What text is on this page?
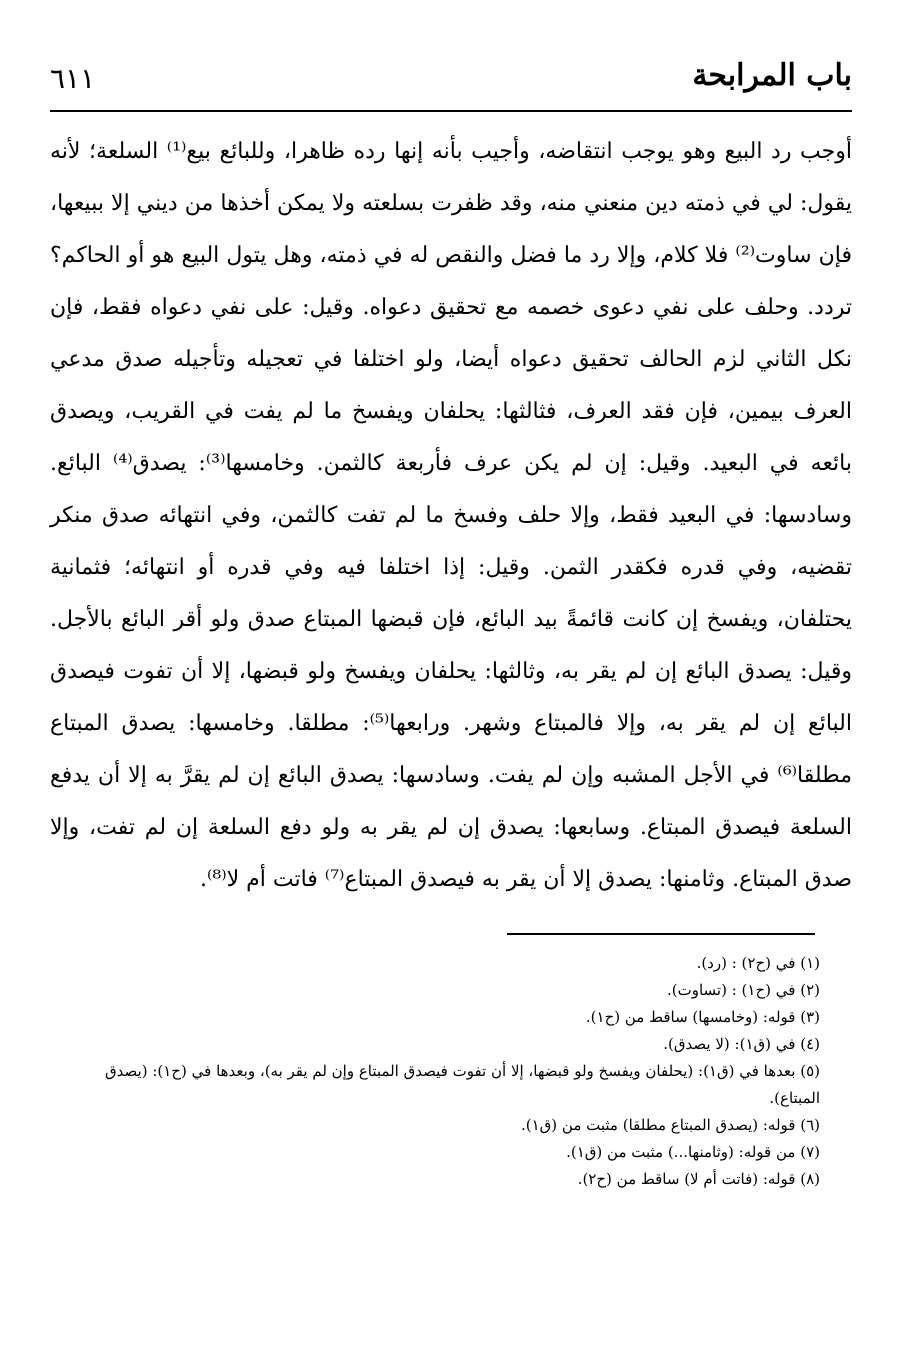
باب المرابحة
٦١١

أوجب رد البيع وهو يوجب انتقاضه، وأجيب بأنه إنها رده ظاهرا، وللبائع بيع⁽¹⁾ السلعة؛ لأنه يقول: لي في ذمته دين منعني منه، وقد ظفرت بسلعته ولا يمكن أخذها من ديني إلا ببيعها، فإن ساوت⁽²⁾ فلا كلام، وإلا رد ما فضل والنقص له في ذمته، وهل يتول البيع هو أو الحاكم؟ تردد. وحلف على نفي دعوى خصمه مع تحقيق دعواه. وقيل: على نفي دعواه فقط، فإن نكل الثاني لزم الحالف تحقيق دعواه أيضا، ولو اختلفا في تعجيله وتأجيله صدق مدعي العرف بيمين، فإن فقد العرف، فثالثها: يحلفان ويفسخ ما لم يفت في القريب، ويصدق بائعه في البعيد. وقيل: إن لم يكن عرف فأربعة كالثمن. وخامسها⁽³⁾: يصدق⁽⁴⁾ البائع. وسادسها: في البعيد فقط، وإلا حلف وفسخ ما لم تفت كالثمن، وفي انتهائه صدق منكر تقضيه، وفي قدره فكقدر الثمن. وقيل: إذا اختلفا فيه وفي قدره أو انتهائه؛ فثمانية يحتلفان، ويفسخ إن كانت قائمةً بيد البائع، فإن قبضها المبتاع صدق ولو أقر البائع بالأجل. وقيل: يصدق البائع إن لم يقر به، وثالثها: يحلفان ويفسخ ولو قبضها، إلا أن تفوت فيصدق البائع إن لم يقر به، وإلا فالمبتاع وشهر. ورابعها⁽⁵⁾: مطلقا. وخامسها: يصدق المبتاع مطلقا⁽⁶⁾ في الأجل المشبه وإن لم يفت. وسادسها: يصدق البائع إن لم يقرَّ به إلا أن يدفع السلعة فيصدق المبتاع. وسابعها: يصدق إن لم يقر به ولو دفع السلعة إن لم تفت، وإلا صدق المبتاع. وثامنها: يصدق إلا أن يقر به فيصدق المبتاع⁽⁷⁾ فاتت أم لا⁽⁸⁾.

(١) في (ح٢) : (رد).

(٢) في (ح١) : (تساوت).

(٣) قوله: (وخامسها) ساقط من (ح١).

(٤) في (ق١): (لا يصدق).

(٥) بعدها في (ق١): (يحلفان ويفسخ ولو قبضها، إلا أن تفوت فيصدق المبتاع وإن لم يقر به)، وبعدها في (ح١): (يصدق المبتاع).

(٦) قوله: (يصدق المبتاع مطلقا) مثبت من (ق١).

(٧) من قوله: (وثامنها...) مثبت من (ق١).

(٨) قوله: (فاتت أم لا) ساقط من (ح٢).
